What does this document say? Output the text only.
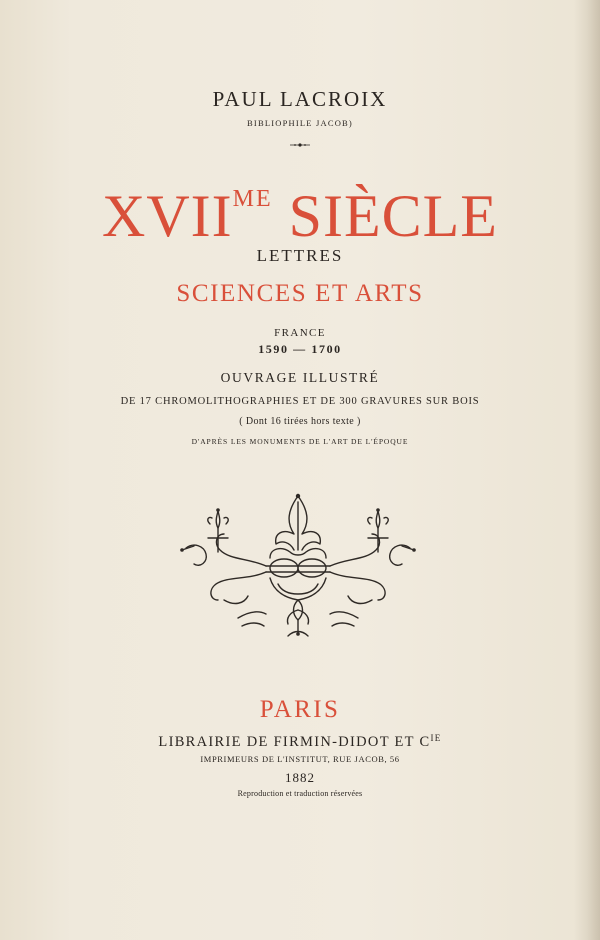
PAUL LACROIX
BIBLIOPHILE JACOB)
$XVII^{ME}$ SIÈCLE
LETTRES
SCIENCES ET ARTS
FRANCE
1590 — 1700
OUVRAGE ILLUSTRÉ
DE 17 CHROMOLITHOGRAPHIES ET DE 300 GRAVURES SUR BOIS
( Dont 16 tirées hors texte )
D'APRÈS LES MONUMENTS DE L'ART DE L'ÉPOQUE
PARIS
LIBRAIRIE DE FIRMIN-DIDOT ET $C^{IE}$
IMPRIMEURS DE L'INSTITUT, RUE JACOB, 56
1882
Reproduction et traduction réservées
